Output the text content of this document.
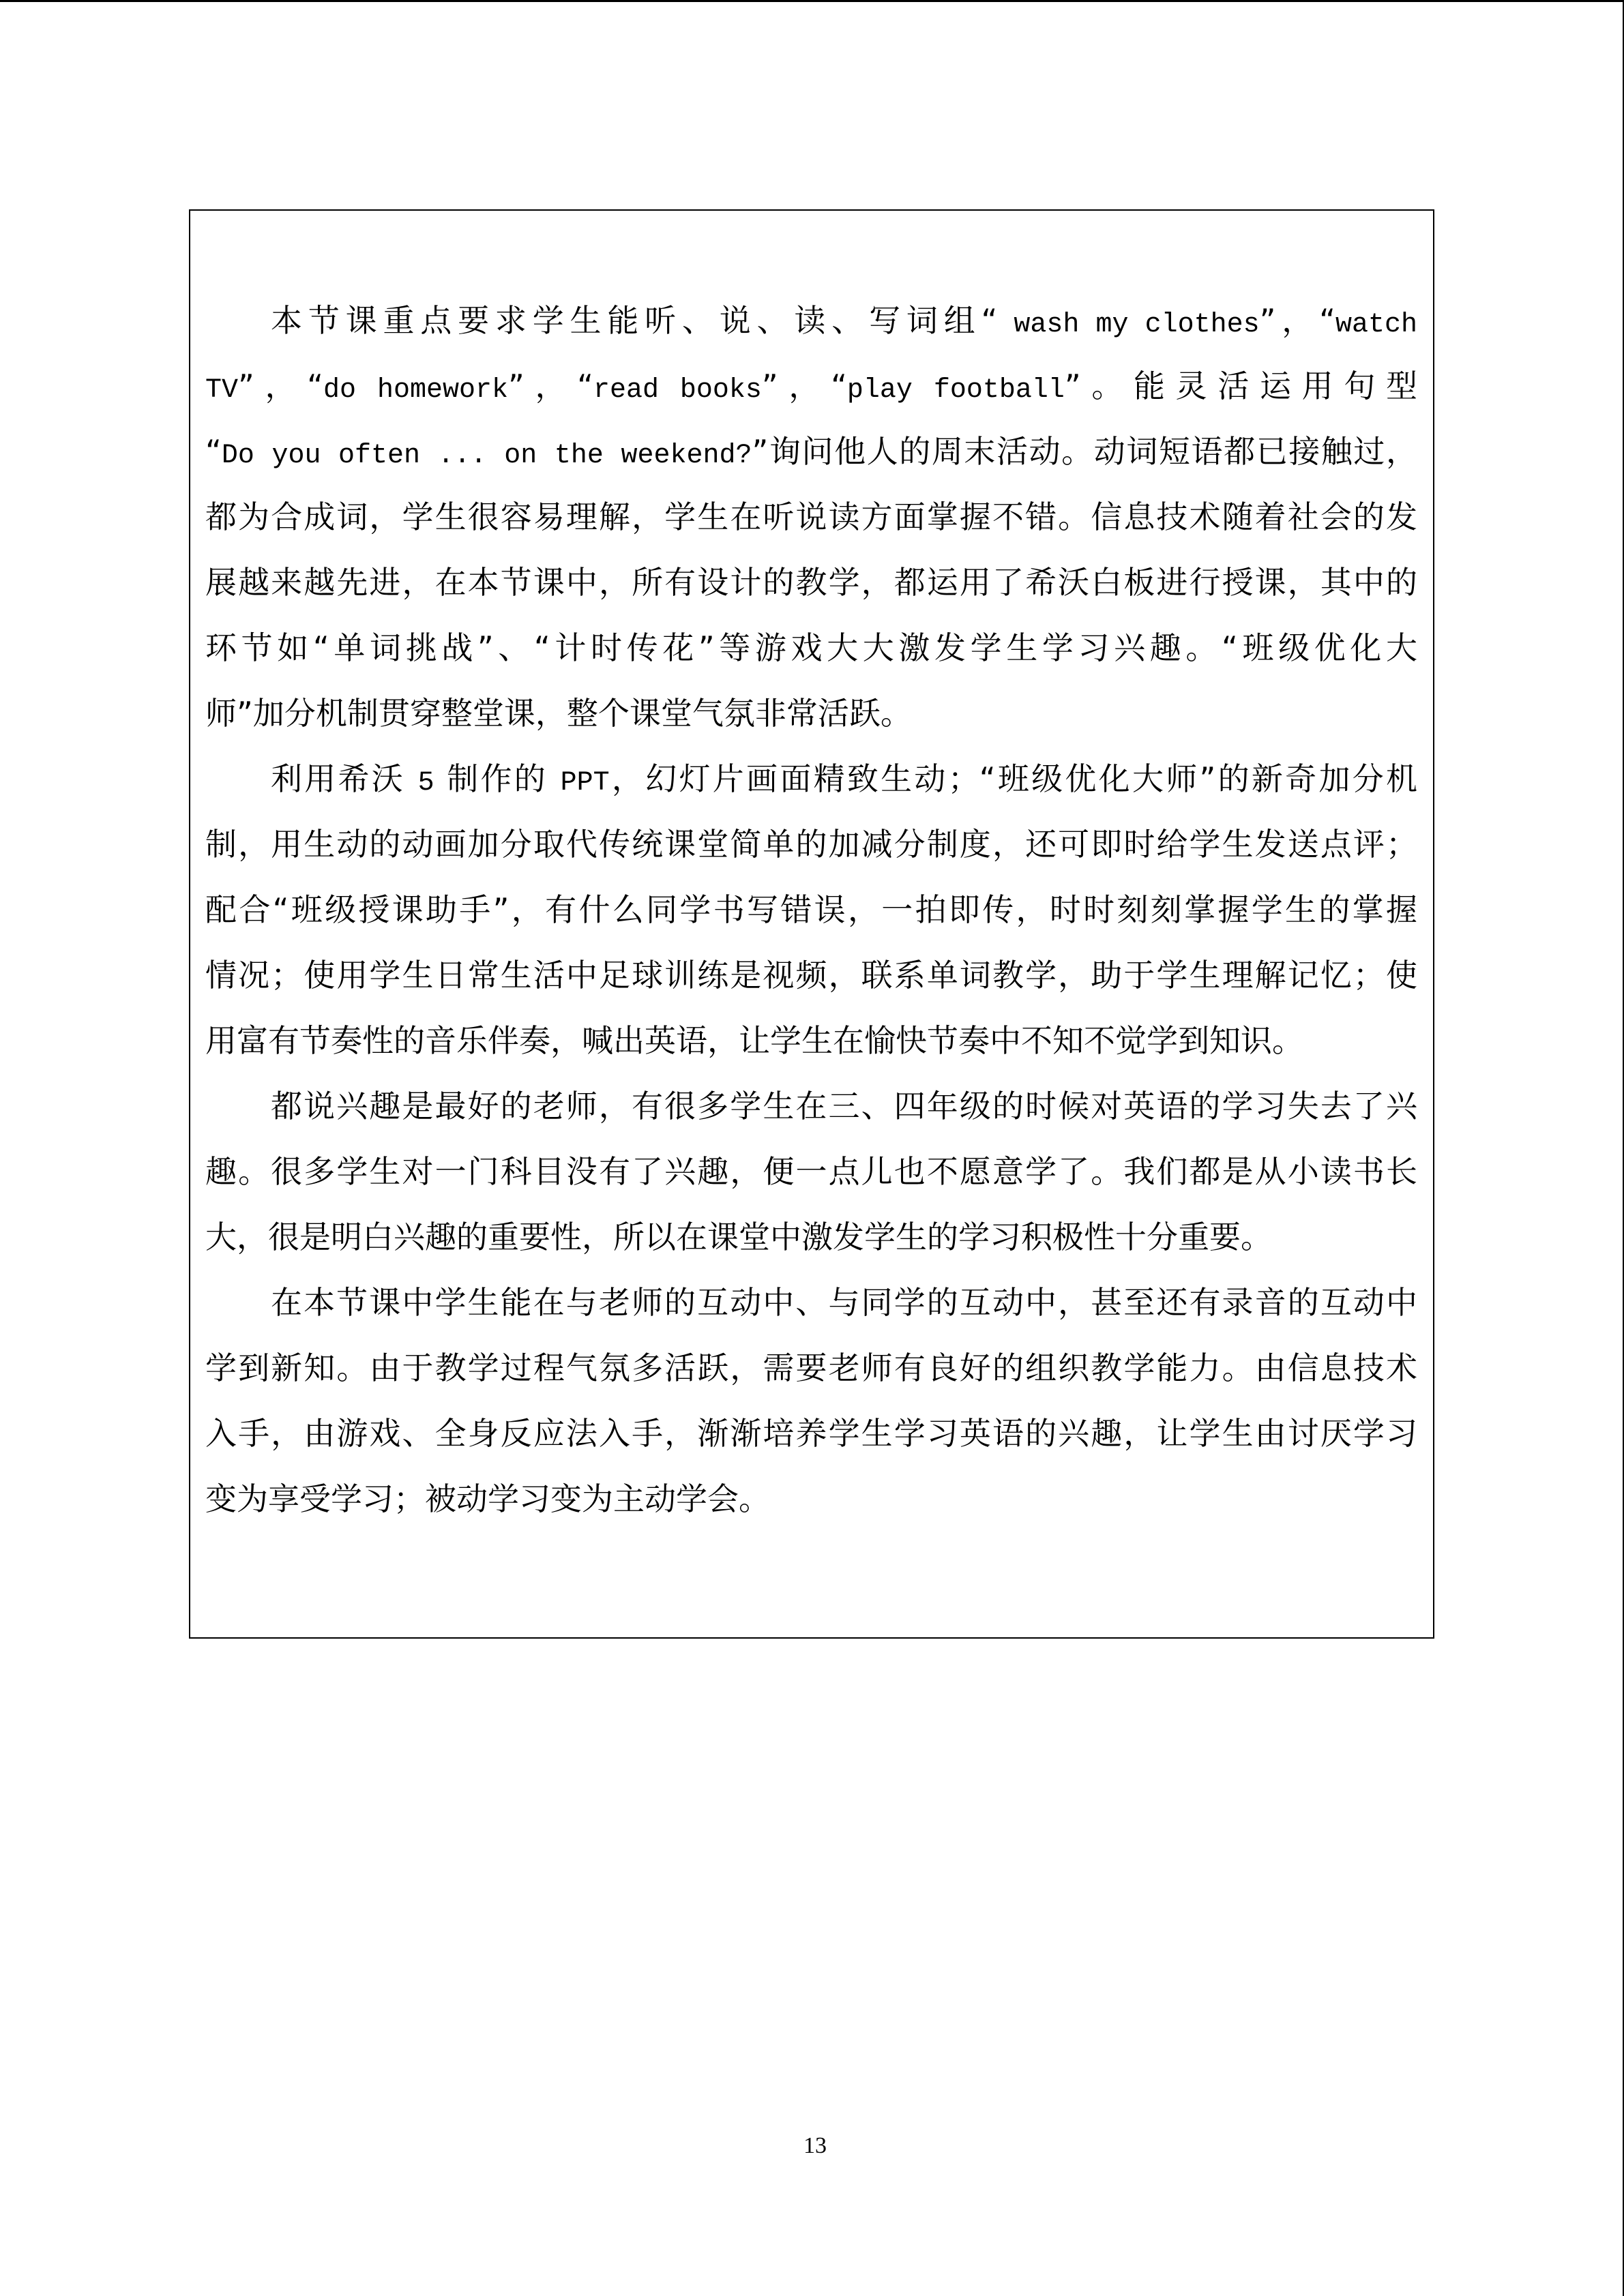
本节课重点要求学生能听、说、读、写词组“ wash my clothes”，“watch
TV”，“do homework”，“read books”，“play football”。能灵活运用句型
“Do you often ... on the weekend?”询问他人的周末活动。动词短语都已接触过，
都为合成词，学生很容易理解，学生在听说读方面掌握不错。信息技术随着社会的发
展越来越先进，在本节课中，所有设计的教学，都运用了希沃白板进行授课，其中的
环节如“单词挑战”、“计时传花”等游戏大大激发学生学习兴趣。“班级优化大
师”加分机制贯穿整堂课，整个课堂气氛非常活跃。
利用希沃 5 制作的 PPT，幻灯片画面精致生动；“班级优化大师”的新奇加分机
制，用生动的动画加分取代传统课堂简单的加减分制度，还可即时给学生发送点评；
配合“班级授课助手”，有什么同学书写错误，一拍即传，时时刻刻掌握学生的掌握
情况；使用学生日常生活中足球训练是视频，联系单词教学，助于学生理解记忆；使
用富有节奏性的音乐伴奏，喊出英语，让学生在愉快节奏中不知不觉学到知识。
都说兴趣是最好的老师，有很多学生在三、四年级的时候对英语的学习失去了兴
趣。很多学生对一门科目没有了兴趣，便一点儿也不愿意学了。我们都是从小读书长
大，很是明白兴趣的重要性，所以在课堂中激发学生的学习积极性十分重要。
在本节课中学生能在与老师的互动中、与同学的互动中，甚至还有录音的互动中
学到新知。由于教学过程气氛多活跃，需要老师有良好的组织教学能力。由信息技术
入手，由游戏、全身反应法入手，渐渐培养学生学习英语的兴趣，让学生由讨厌学习
变为享受学习；被动学习变为主动学会。
13
